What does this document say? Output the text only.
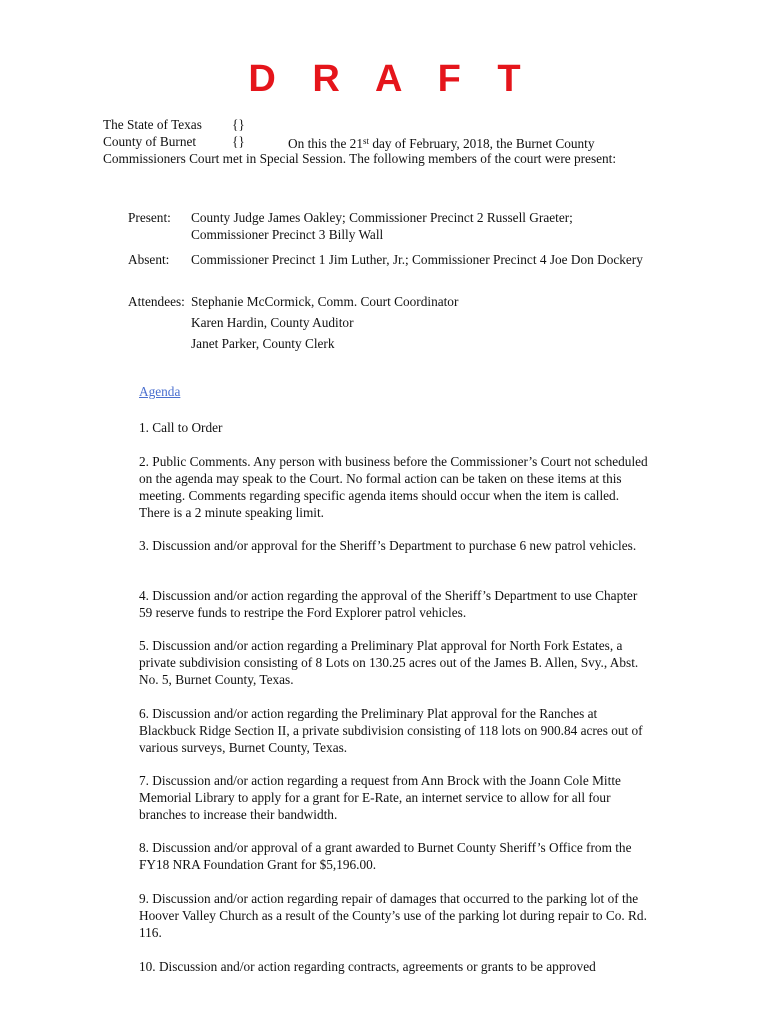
D R A F T
The State of Texas {}
County of Burnet	{}	On this the 21st day of February, 2018, the Burnet County
Commissioners Court met in Special Session. The following members of the court were present:
Present: County Judge James Oakley; Commissioner Precinct 2 Russell Graeter; Commissioner Precinct 3 Billy Wall
Absent: Commissioner Precinct 1 Jim Luther, Jr.; Commissioner Precinct 4 Joe Don Dockery
Attendees: Stephanie McCormick, Comm. Court Coordinator
Karen Hardin, County Auditor
Janet Parker, County Clerk
Agenda
1. Call to Order
2. Public Comments. Any person with business before the Commissioner’s Court not scheduled on the agenda may speak to the Court. No formal action can be taken on these items at this meeting. Comments regarding specific agenda items should occur when the item is called. There is a 2 minute speaking limit.
3. Discussion and/or approval for the Sheriff’s Department to purchase 6 new patrol vehicles.
4. Discussion and/or action regarding the approval of the Sheriff’s Department to use Chapter 59 reserve funds to restripe the Ford Explorer patrol vehicles.
5. Discussion and/or action regarding a Preliminary Plat approval for North Fork Estates, a private subdivision consisting of 8 Lots on 130.25 acres out of the James B. Allen, Svy., Abst. No. 5, Burnet County, Texas.
6. Discussion and/or action regarding the Preliminary Plat approval for the Ranches at Blackbuck Ridge Section II, a private subdivision consisting of 118 lots on 900.84 acres out of various surveys, Burnet County, Texas.
7. Discussion and/or action regarding a request from Ann Brock with the Joann Cole Mitte Memorial Library to apply for a grant for E-Rate, an internet service to allow for all four branches to increase their bandwidth.
8. Discussion and/or approval of a grant awarded to Burnet County Sheriff’s Office from the FY18 NRA Foundation Grant for $5,196.00.
9. Discussion and/or action regarding repair of damages that occurred to the parking lot of the Hoover Valley Church as a result of the County’s use of the parking lot during repair to Co. Rd. 116.
10. Discussion and/or action regarding contracts, agreements or grants to be approved
